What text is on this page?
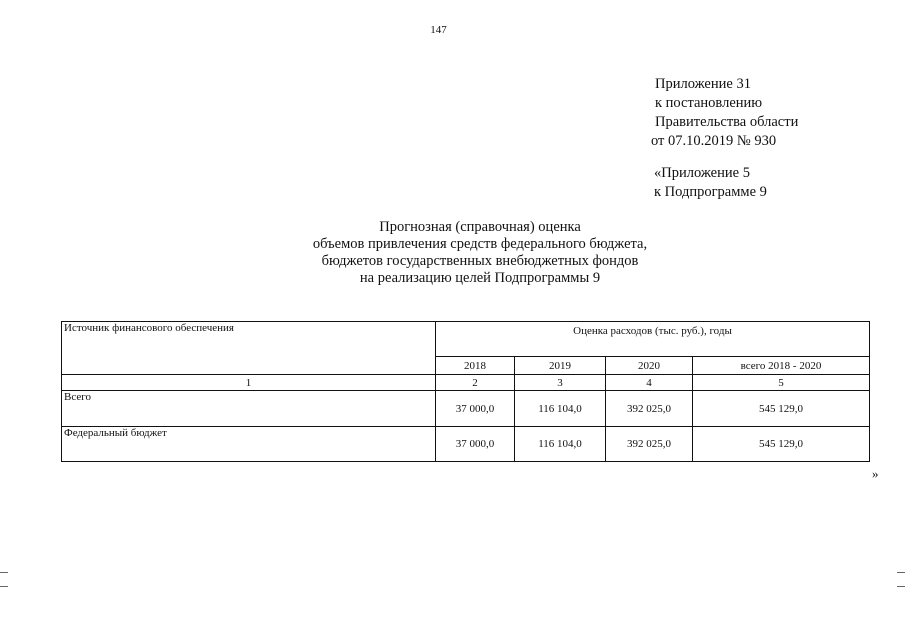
147
Приложение 31
к постановлению
Правительства области
от 07.10.2019 № 930
«Приложение 5
к Подпрограмме 9
Прогнозная (справочная) оценка
объемов привлечения средств федерального бюджета,
бюджетов государственных внебюджетных фондов
на реализацию целей Подпрограммы 9
Источник финансового обеспечения	Оценка расходов (тыс. руб.), годы			
	2018	2019	2020	всего 2018 - 2020
1	2	3	4	5
Всего	37 000,0	116 104,0	392 025,0	545 129,0
Федеральный бюджет	37 000,0	116 104,0	392 025,0	545 129,0
»
